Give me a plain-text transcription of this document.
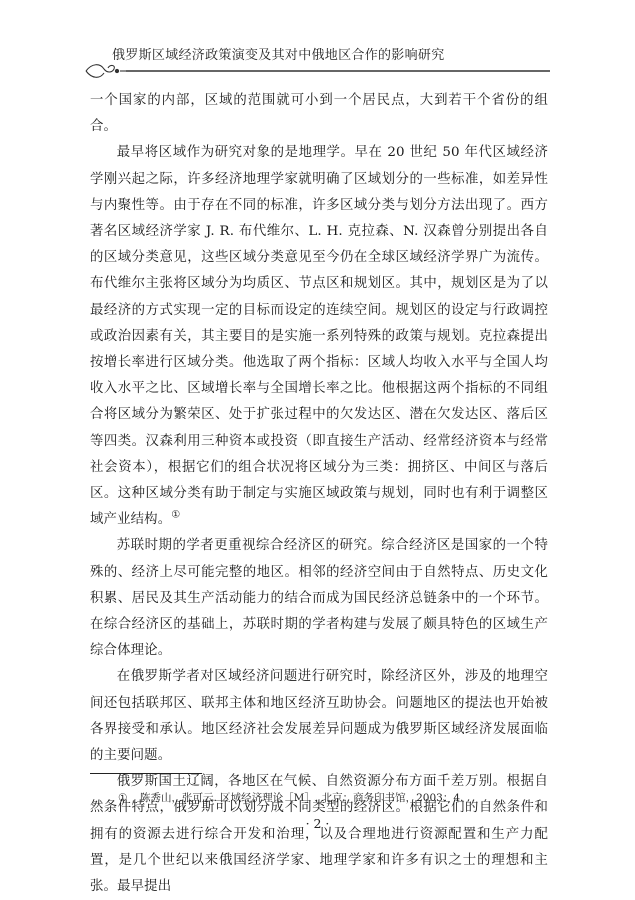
俄罗斯区域经济政策演变及其对中俄地区合作的影响研究

一个国家的内部，区域的范围就可小到一个居民点，大到若干个省份的组合。

最早将区域作为研究对象的是地理学。早在 20 世纪 50 年代区域经济学刚兴起之际，许多经济地理学家就明确了区域划分的一些标准，如差异性与内聚性等。由于存在不同的标准，许多区域分类与划分方法出现了。西方著名区域经济学家 J. R. 布代维尔、L. H. 克拉森、N. 汉森曾分别提出各自的区域分类意见，这些区域分类意见至今仍在全球区域经济学界广为流传。布代维尔主张将区域分为均质区、节点区和规划区。其中，规划区是为了以最经济的方式实现一定的目标而设定的连续空间。规划区的设定与行政调控或政治因素有关，其主要目的是实施一系列特殊的政策与规划。克拉森提出按增长率进行区域分类。他选取了两个指标：区域人均收入水平与全国人均收入水平之比、区域增长率与全国增长率之比。他根据这两个指标的不同组合将区域分为繁荣区、处于扩张过程中的欠发达区、潜在欠发达区、落后区等四类。汉森利用三种资本或投资（即直接生产活动、经常经济资本与经常社会资本），根据它们的组合状况将区域分为三类：拥挤区、中间区与落后区。这种区域分类有助于制定与实施区域政策与规划，同时也有利于调整区域产业结构。①

苏联时期的学者更重视综合经济区的研究。综合经济区是国家的一个特殊的、经济上尽可能完整的地区。相邻的经济空间由于自然特点、历史文化积累、居民及其生产活动能力的结合而成为国民经济总链条中的一个环节。在综合经济区的基础上，苏联时期的学者构建与发展了颇具特色的区域生产综合体理论。

在俄罗斯学者对区域经济问题进行研究时，除经济区外，涉及的地理空间还包括联邦区、联邦主体和地区经济互助协会。问题地区的提法也开始被各界接受和承认。地区经济社会发展差异问题成为俄罗斯区域经济发展面临的主要问题。

俄罗斯国土辽阔，各地区在气候、自然资源分布方面千差万别。根据自然条件特点，俄罗斯可以划分成不同类型的经济区。根据它们的自然条件和拥有的资源去进行综合开发和治理，以及合理地进行资源配置和生产力配置，是几个世纪以来俄国经济学家、地理学家和许多有识之士的理想和主张。最早提出

① 陈秀山，张可云. 区域经济理论［M］. 北京：商务印书馆，2003：4.
· 2 ·
